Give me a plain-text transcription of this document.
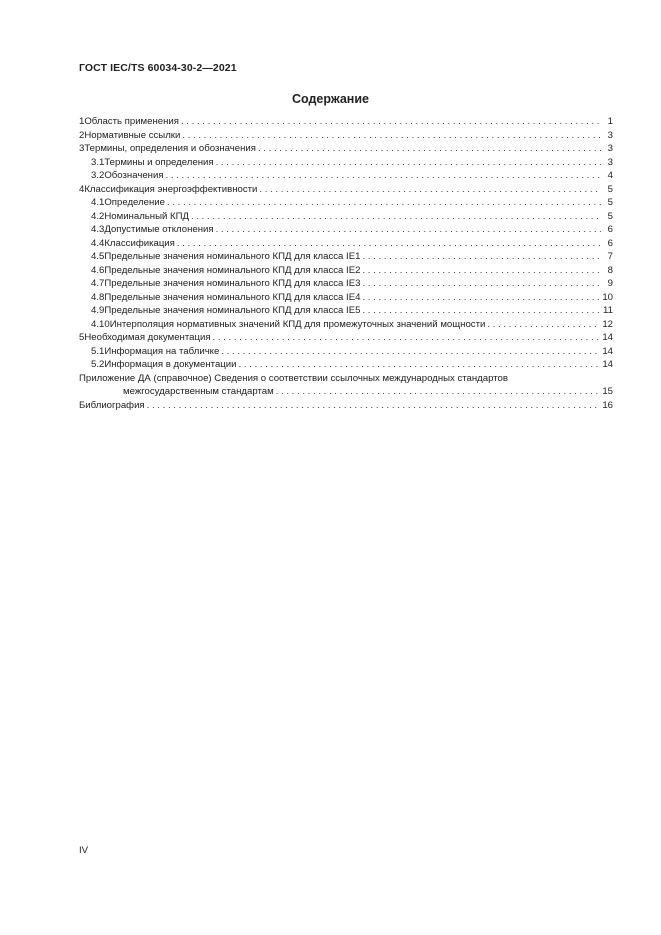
ГОСТ IEC/TS 60034-30-2—2021
Содержание
1 Область применения . . .	1
2 Нормативные ссылки . . .	3
3 Термины, определения и обозначения . . .	3
3.1 Термины и определения . . .	3
3.2 Обозначения . . .	4
4 Классификация энергоэффективности . . .	5
4.1 Определение . . .	5
4.2 Номинальный КПД . . .	5
4.3 Допустимые отклонения . . .	6
4.4 Классификация . . .	6
4.5 Предельные значения номинального КПД для класса IE1 . . .	7
4.6 Предельные значения номинального КПД для класса IE2 . . .	8
4.7 Предельные значения номинального КПД для класса IE3 . . .	9
4.8 Предельные значения номинального КПД для класса IE4 . . .	10
4.9 Предельные значения номинального КПД для класса IE5 . . .	11
4.10 Интерполяция нормативных значений КПД для промежуточных значений мощности . . .	12
5 Необходимая документация . . .	14
5.1 Информация на табличке . . .	14
5.2 Информация в документации . . .	14
Приложение ДА (справочное) Сведения о соответствии ссылочных международных стандартов
межгосударственным стандартам . . .	15
Библиография . . .	16
IV
